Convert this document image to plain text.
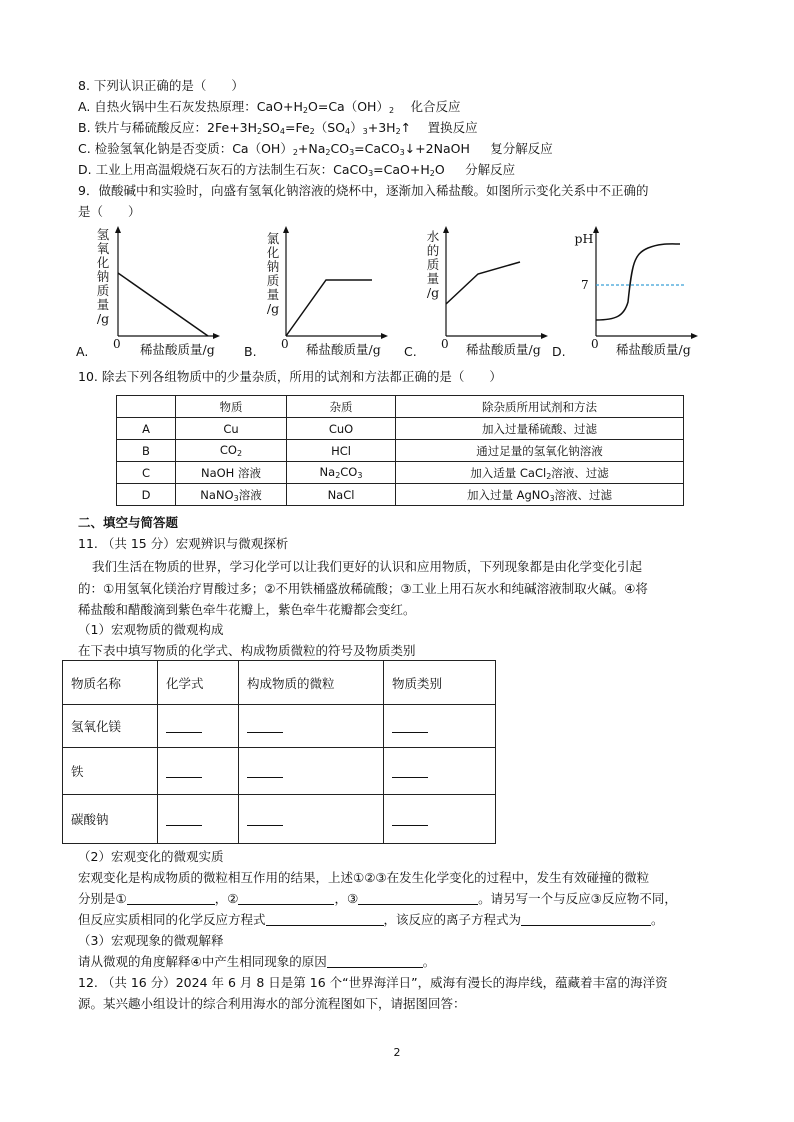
8. 下列认识正确的是（　　）
A. 自热火锅中生石灰发热原理：$CaO+H_2O=Ca(OH)_2$ 　化合反应
B. 铁片与稀硫酸反应：$2Fe+3H_2SO_4=Fe_2(SO_4)_3+3H_2↑$ 　置换反应
C. 检验氢氧化钠是否变质：$Ca(OH)_2+Na_2CO_3=CaCO_3↓+2NaOH$ 　 复分解反应
D. 工业上用高温煅烧石灰石的方法制生石灰：$CaCO_3=CaO+H_2O$ 　 分解反应
9．做酸碱中和实验时，向盛有氢氧化钠溶液的烧杯中，逐渐加入稀盐酸。如图所示变化关系中不正确的
是（　　）
氢
氧
化
钠
质
量
/g
0 稀盐酸质量/g
A.
氯
化
钠
质
量
/g
0 稀盐酸质量/g
B.
水
的
质
量
/g
0 稀盐酸质量/g
C.
pH
7
0 稀盐酸质量/g
D.
10. 除去下列各组物质中的少量杂质，所用的试剂和方法都正确的是（　　）
	物质	杂质	除杂质所用试剂和方法
A	Cu	CuO	加入过量稀硫酸、过滤
B	$CO_2$	HCl	通过足量的氢氧化钠溶液
C	NaOH 溶液	$Na_2CO_3$	加入适量 CaCl$_2$溶液、过滤
D	NaNO$_3$溶液	NaCl	加入过量 AgNO$_3$溶液、过滤
二、填空与简答题
11. （共 15 分）宏观辨识与微观探析
我们生活在物质的世界，学习化学可以让我们更好的认识和应用物质，下列现象都是由化学变化引起
的：①用氢氧化镁治疗胃酸过多；②不用铁桶盛放稀硫酸；③工业上用石灰水和纯碱溶液制取火碱。④将
稀盐酸和醋酸滴到紫色牵牛花瓣上，紫色牵牛花瓣都会变红。
（1）宏观物质的微观构成
在下表中填写物质的化学式、构成物质微粒的符号及物质类别
物质名称	化学式	构成物质的微粒	物质类别
氢氧化镁			
铁			
碳酸钠			
（2）宏观变化的微观实质
宏观变化是构成物质的微粒相互作用的结果，上述①②③在发生化学变化的过程中，发生有效碰撞的微粒
分别是①	，②	，③	。请另写一个与反应③反应物不同，
但反应实质相同的化学反应方程式	，该反应的离子方程式为	。
（3）宏观现象的微观解释
请从微观的角度解释④中产生相同现象的原因	。
12. （共 16 分）2024 年 6 月 8 日是第 16 个“世界海洋日”，威海有漫长的海岸线，蕴藏着丰富的海洋资
源。某兴趣小组设计的综合利用海水的部分流程图如下，请据图回答：
2
